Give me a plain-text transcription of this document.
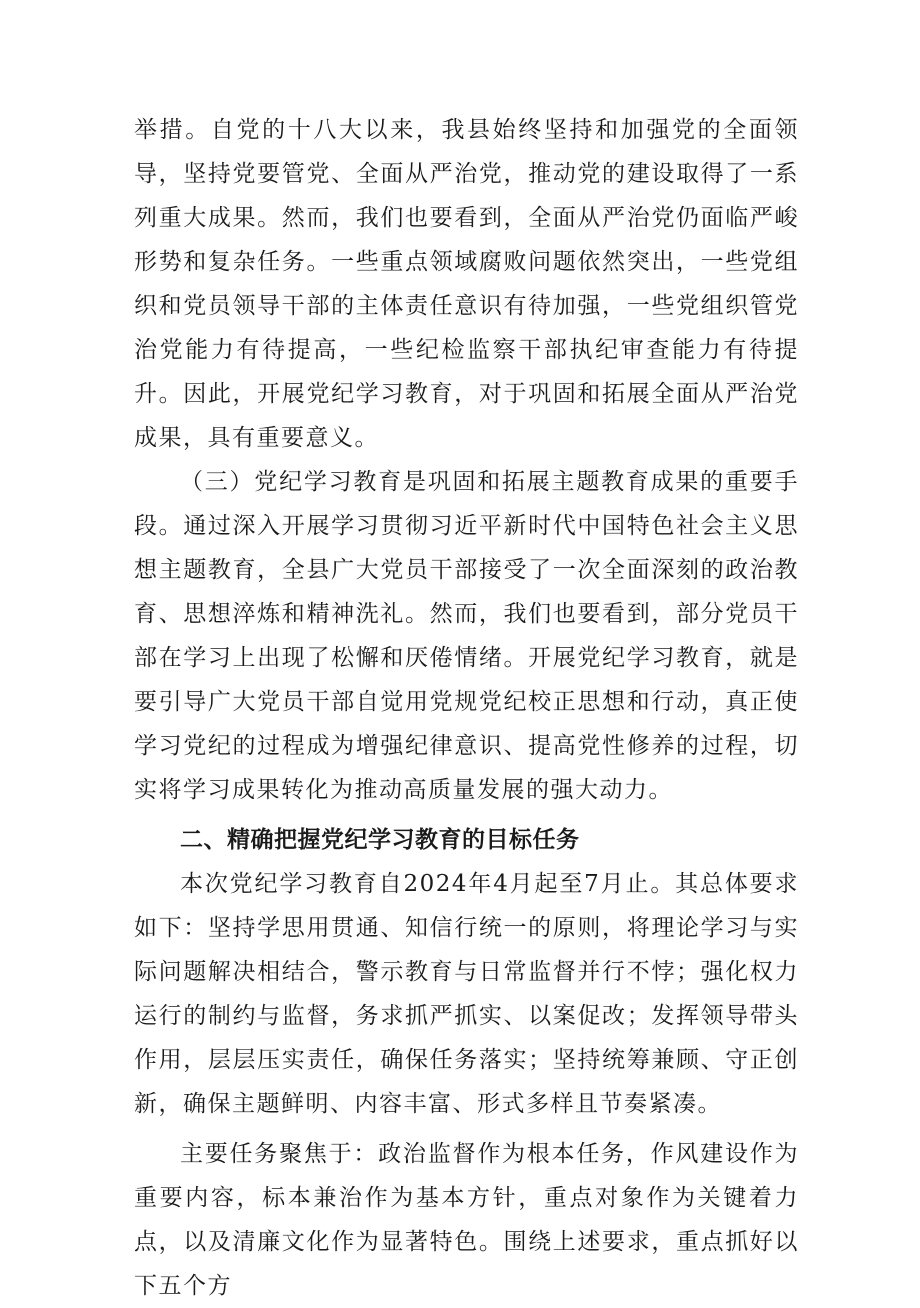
举措。自党的十八大以来，我县始终坚持和加强党的全面领导，坚持党要管党、全面从严治党，推动党的建设取得了一系列重大成果。然而，我们也要看到，全面从严治党仍面临严峻形势和复杂任务。一些重点领域腐败问题依然突出，一些党组织和党员领导干部的主体责任意识有待加强，一些党组织管党治党能力有待提高，一些纪检监察干部执纪审查能力有待提升。因此，开展党纪学习教育，对于巩固和拓展全面从严治党成果，具有重要意义。

（三）党纪学习教育是巩固和拓展主题教育成果的重要手段。通过深入开展学习贯彻习近平新时代中国特色社会主义思想主题教育，全县广大党员干部接受了一次全面深刻的政治教育、思想淬炼和精神洗礼。然而，我们也要看到，部分党员干部在学习上出现了松懈和厌倦情绪。开展党纪学习教育，就是要引导广大党员干部自觉用党规党纪校正思想和行动，真正使学习党纪的过程成为增强纪律意识、提高党性修养的过程，切实将学习成果转化为推动高质量发展的强大动力。

二、精确把握党纪学习教育的目标任务

本次党纪学习教育自2024年4月起至7月止。其总体要求如下：坚持学思用贯通、知信行统一的原则，将理论学习与实际问题解决相结合，警示教育与日常监督并行不悖；强化权力运行的制约与监督，务求抓严抓实、以案促改；发挥领导带头作用，层层压实责任，确保任务落实；坚持统筹兼顾、守正创新，确保主题鲜明、内容丰富、形式多样且节奏紧凑。

主要任务聚焦于：政治监督作为根本任务，作风建设作为重要内容，标本兼治作为基本方针，重点对象作为关键着力点，以及清廉文化作为显著特色。围绕上述要求，重点抓好以下五个方
